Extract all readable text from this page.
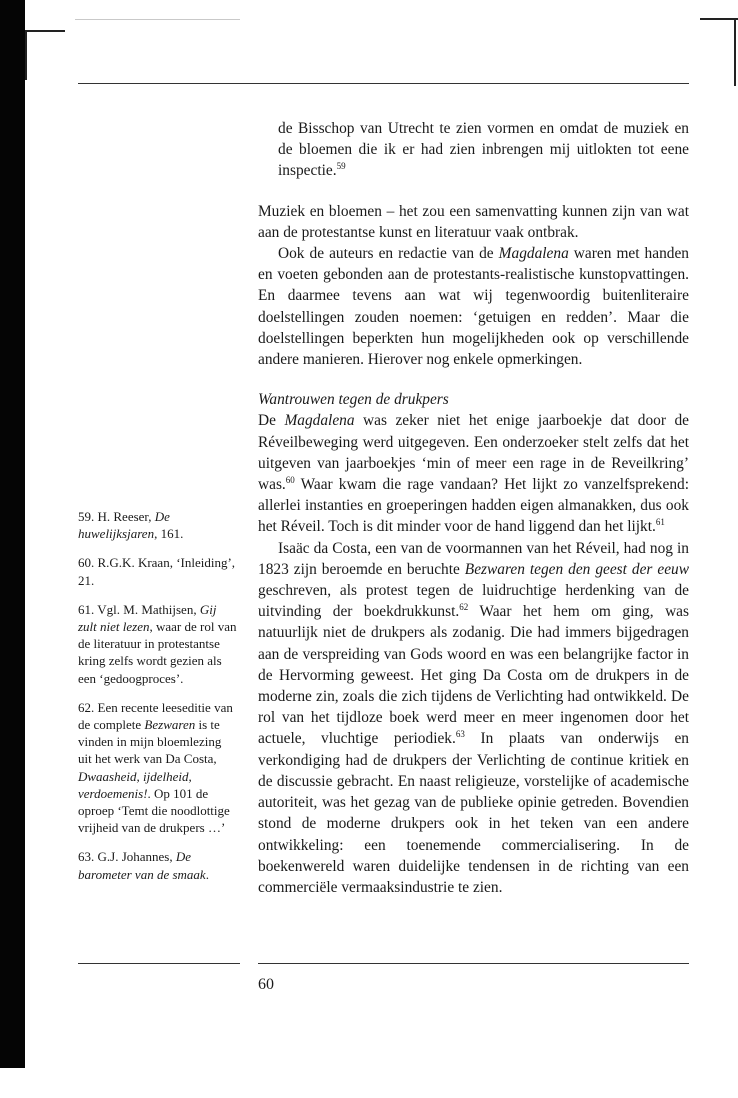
de Bisschop van Utrecht te zien vormen en omdat de muziek en de bloemen die ik er had zien inbrengen mij uitlokten tot eene inspectie.$^{59}$

Muziek en bloemen – het zou een samenvatting kunnen zijn van wat aan de protestantse kunst en literatuur vaak ontbrak.

Ook de auteurs en redactie van de Magdalena waren met handen en voeten gebonden aan de protestants-realistische kunstopvattingen. En daarmee tevens aan wat wij tegenwoordig buitenliteraire doelstellingen zouden noemen: ‘getuigen en redden’. Maar die doelstellingen beperkten hun mogelijkheden ook op verschillende andere manieren. Hierover nog enkele opmerkingen.

Wantrouwen tegen de drukpers

De Magdalena was zeker niet het enige jaarboekje dat door de Réveilbeweging werd uitgegeven. Een onderzoeker stelt zelfs dat het uitgeven van jaarboekjes ‘min of meer een rage in de Reveilkring’ was.$^{60}$ Waar kwam die rage vandaan? Het lijkt zo vanzelfsprekend: allerlei instanties en groeperingen hadden eigen almanakken, dus ook het Réveil. Toch is dit minder voor de hand liggend dan het lijkt.$^{61}$

Isaäc da Costa, een van de voormannen van het Réveil, had nog in 1823 zijn beroemde en beruchte Bezwaren tegen den geest der eeuw geschreven, als protest tegen de luidruchtige herdenking van de uitvinding der boekdrukkunst.$^{62}$ Waar het hem om ging, was natuurlijk niet de drukpers als zodanig. Die had immers bijgedragen aan de verspreiding van Gods woord en was een belangrijke factor in de Hervorming geweest. Het ging Da Costa om de drukpers in de moderne zin, zoals die zich tijdens de Verlichting had ontwikkeld. De rol van het tijdloze boek werd meer en meer ingenomen door het actuele, vluchtige periodiek.$^{63}$ In plaats van onderwijs en verkondiging had de drukpers der Verlichting de continue kritiek en de discussie gebracht. En naast religieuze, vorstelijke of academische autoriteit, was het gezag van de publieke opinie getreden. Bovendien stond de moderne drukpers ook in het teken van een andere ontwikkeling: een toenemende commercialisering. In de boekenwereld waren duidelijke tendensen in de richting van een commerciële vermaaksindustrie te zien.

59. H. Reeser, De huwelijksjaren, 161.

60. R.G.K. Kraan, ‘Inleiding’, 21.

61. Vgl. M. Mathijsen, Gij zult niet lezen, waar de rol van de literatuur in protestantse kring zelfs wordt gezien als een ‘gedoogproces’.

62. Een recente leeseditie van de complete Bezwaren is te vinden in mijn bloemlezing uit het werk van Da Costa, Dwaasheid, ijdelheid, verdoemenis!. Op 101 de oproep ‘Temt die noodlottige vrijheid van de drukpers …’

63. G.J. Johannes, De barometer van de smaak.

60
